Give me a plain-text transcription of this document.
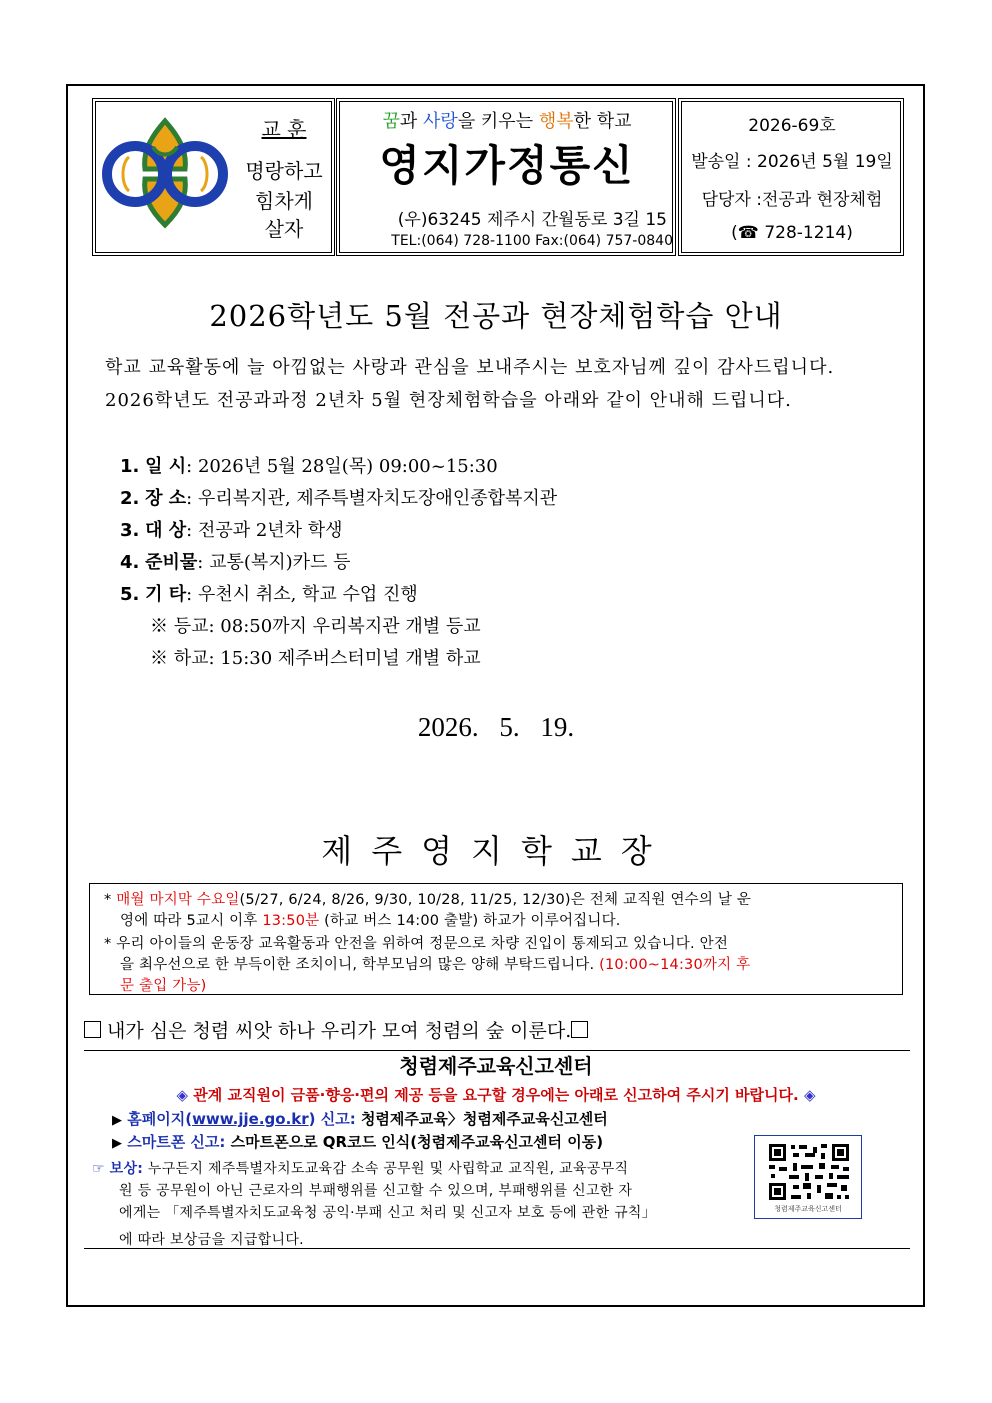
교 훈
명랑하고
힘차게
살자
꿈과 사랑을 키우는 행복한 학교
영지가정통신
(우)63245 제주시 간월동로 3길 15
TEL:(064) 728-1100 Fax:(064) 757-0840
2026-69호
발송일 : 2026년 5월 19일
담당자 :전공과 현장체험
(☎ 728-1214)
2026학년도 5월 전공과 현장체험학습 안내
학교 교육활동에 늘 아낌없는 사랑과 관심을 보내주시는 보호자님께 깊이 감사드립니다.
2026학년도 전공과과정 2년차 5월 현장체험학습을 아래와 같이 안내해 드립니다.
1. 일 시: 2026년 5월 28일(목) 09:00~15:30
2. 장 소: 우리복지관, 제주특별자치도장애인종합복지관
3. 대 상: 전공과 2년차 학생
4. 준비물: 교통(복지)카드 등
5. 기 타: 우천시 취소, 학교 수업 진행
※ 등교: 08:50까지 우리복지관 개별 등교
※ 하교: 15:30 제주버스터미널 개별 하교
2026. 5. 19.
제주영지학교장
* 매월 마지막 수요일(5/27, 6/24, 8/26, 9/30, 10/28, 11/25, 12/30)은 전체 교직원 연수의 날 운
영에 따라 5교시 이후 13:50분 (하교 버스 14:00 출발) 하교가 이루어집니다.
* 우리 아이들의 운동장 교육활동과 안전을 위하여 정문으로 차량 진입이 통제되고 있습니다. 안전
을 최우선으로 한 부득이한 조치이니, 학부모님의 많은 양해 부탁드립니다. (10:00~14:30까지 후
문 출입 가능)
내가 심은 청렴 씨앗 하나 우리가 모여 청렴의 숲 이룬다.
청렴제주교육신고센터
◈ 관계 교직원이 금품·향응·편의 제공 등을 요구할 경우에는 아래로 신고하여 주시기 바랍니다. ◈
▶ 홈페이지(www.jje.go.kr) 신고: 청렴제주교육〉청렴제주교육신고센터
▶ 스마트폰 신고: 스마트폰으로 QR코드 인식(청렴제주교육신고센터 이동)
☞ 보상: 누구든지 제주특별자치도교육감 소속 공무원 및 사립학교 교직원, 교육공무직
원 등 공무원이 아닌 근로자의 부패행위를 신고할 수 있으며, 부패행위를 신고한 자
에게는 「제주특별자치도교육청 공익·부패 신고 처리 및 신고자 보호 등에 관한 규칙」
에 따라 보상금을 지급합니다.
청렴제주교육신고센터
